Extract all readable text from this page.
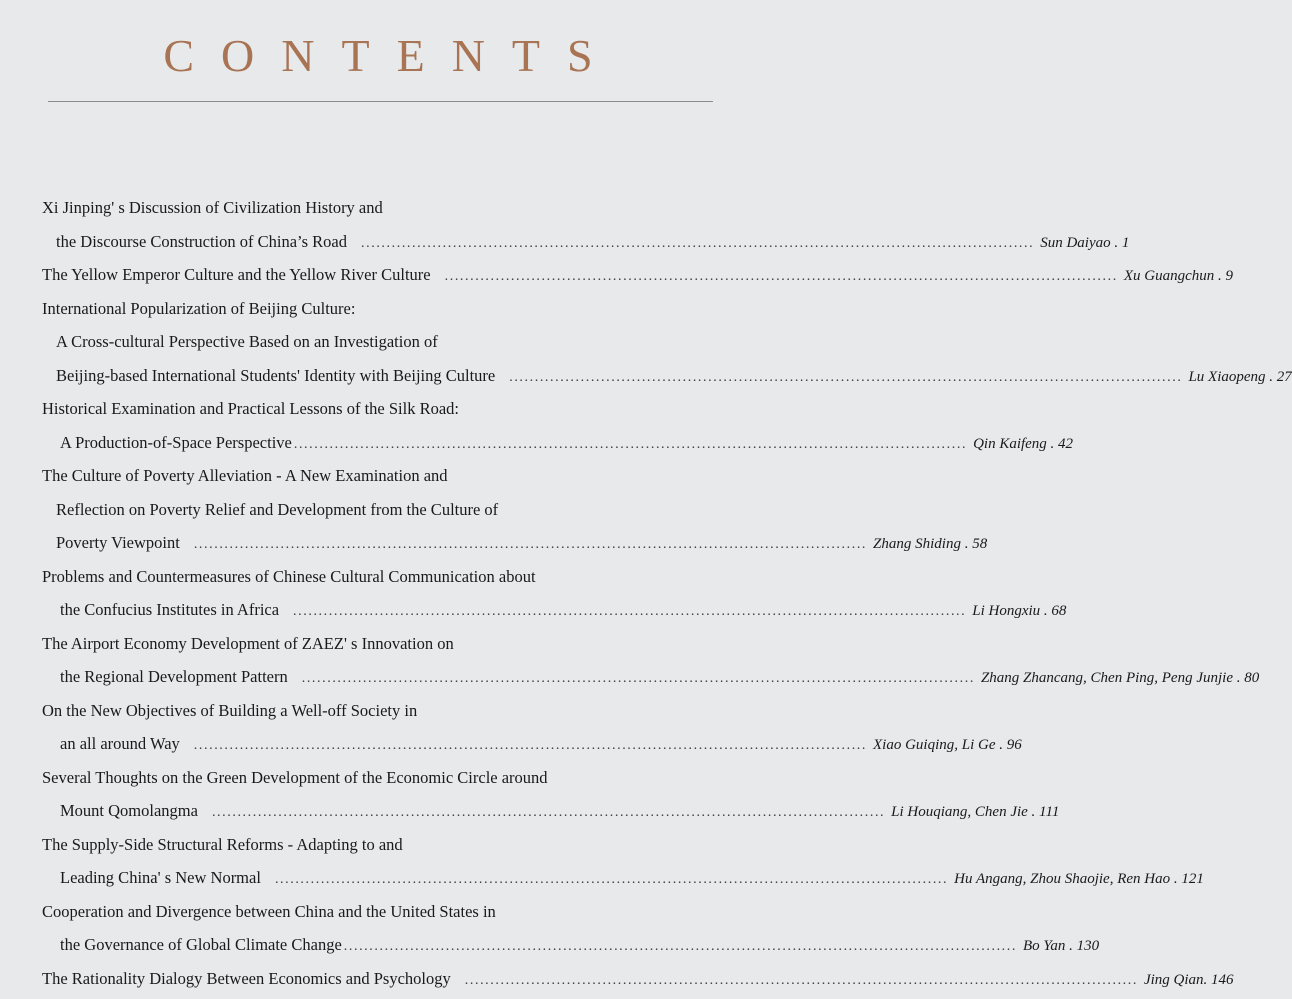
CONTENTS
Xi Jinping' s Discussion of Civilization History and
the Discourse Construction of China’s Road .................................................................................................................................... Sun Daiyao . 1
The Yellow Emperor Culture and the Yellow River Culture .................................................................................................................................... Xu Guangchun . 9
International Popularization of Beijing Culture:
A Cross-cultural Perspective Based on an Investigation of
Beijing-based International Students' Identity with Beijing Culture .................................................................................................................................... Lu Xiaopeng . 27
Historical Examination and Practical Lessons of the Silk Road:
A Production-of-Space Perspective .................................................................................................................................... Qin Kaifeng . 42
The Culture of Poverty Alleviation - A New Examination and
Reflection on Poverty Relief and Development from the Culture of
Poverty Viewpoint .................................................................................................................................... Zhang Shiding . 58
Problems and Countermeasures of Chinese Cultural Communication about
the Confucius Institutes in Africa .................................................................................................................................... Li Hongxiu . 68
The Airport Economy Development of ZAEZ' s Innovation on
the Regional Development Pattern .................................................................................................................................... Zhang Zhancang, Chen Ping, Peng Junjie . 80
On the New Objectives of Building a Well-off Society in
an all around Way .................................................................................................................................... Xiao Guiqing, Li Ge . 96
Several Thoughts on the Green Development of the Economic Circle around
Mount Qomolangma .................................................................................................................................... Li Houqiang, Chen Jie . 111
The Supply-Side Structural Reforms - Adapting to and
Leading China' s New Normal .................................................................................................................................... Hu Angang, Zhou Shaojie, Ren Hao . 121
Cooperation and Divergence between China and the United States in
the Governance of Global Climate Change .................................................................................................................................... Bo Yan . 130
The Rationality Dialogy Between Economics and Psychology .................................................................................................................................... Jing Qian. 146
